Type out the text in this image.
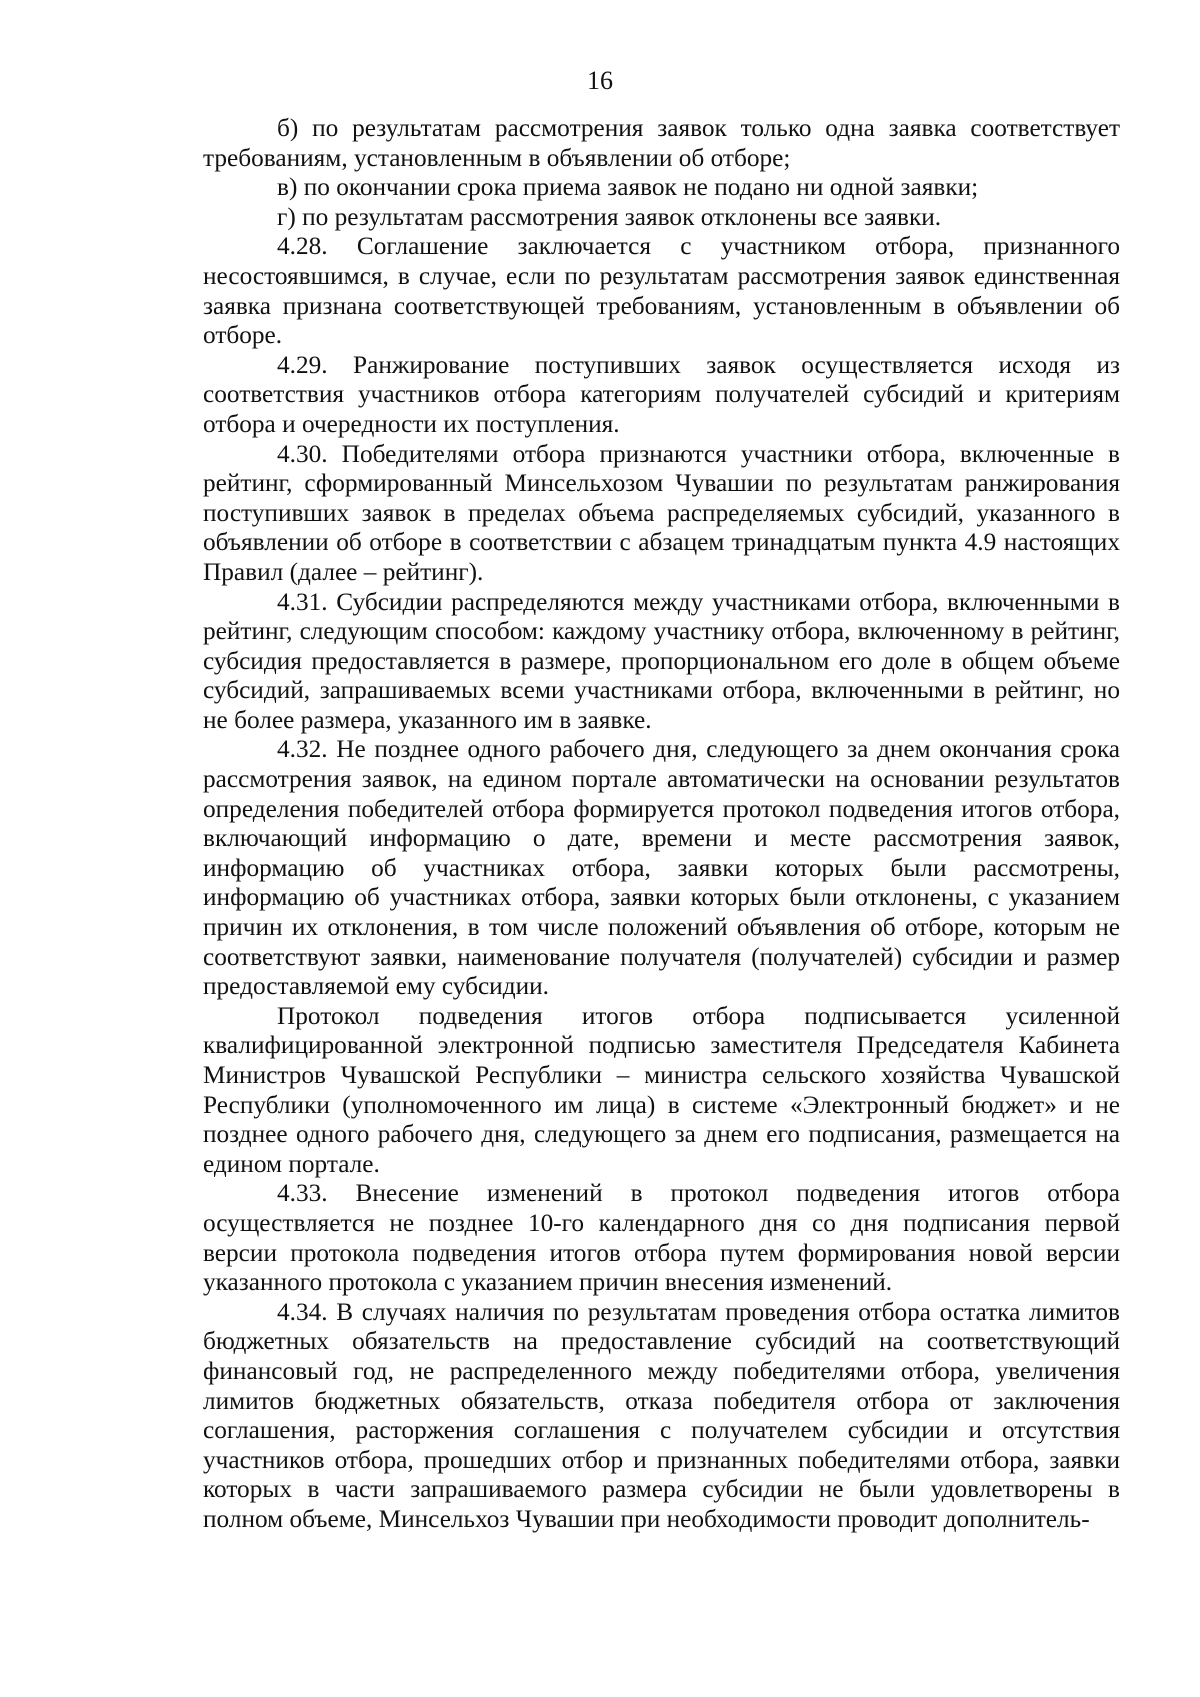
16

б) по результатам рассмотрения заявок только одна заявка соответствует требованиям, установленным в объявлении об отборе;

в) по окончании срока приема заявок не подано ни одной заявки;

г) по результатам рассмотрения заявок отклонены все заявки.

4.28. Соглашение заключается с участником отбора, признанного несостоявшимся, в случае, если по результатам рассмотрения заявок единственная заявка признана соответствующей требованиям, установленным в объявлении об отборе.

4.29. Ранжирование поступивших заявок осуществляется исходя из соответствия участников отбора категориям получателей субсидий и критериям отбора и очередности их поступления.

4.30. Победителями отбора признаются участники отбора, включенные в рейтинг, сформированный Минсельхозом Чувашии по результатам ранжирования поступивших заявок в пределах объема распределяемых субсидий, указанного в объявлении об отборе в соответствии с абзацем тринадцатым пункта 4.9 настоящих Правил (далее – рейтинг).

4.31. Субсидии распределяются между участниками отбора, включенными в рейтинг, следующим способом: каждому участнику отбора, включенному в рейтинг, субсидия предоставляется в размере, пропорциональном его доле в общем объеме субсидий, запрашиваемых всеми участниками отбора, включенными в рейтинг, но не более размера, указанного им в заявке.

4.32. Не позднее одного рабочего дня, следующего за днем окончания срока рассмотрения заявок, на едином портале автоматически на основании результатов определения победителей отбора формируется протокол подведения итогов отбора, включающий информацию о дате, времени и месте рассмотрения заявок, информацию об участниках отбора, заявки которых были рассмотрены, информацию об участниках отбора, заявки которых были отклонены, с указанием причин их отклонения, в том числе положений объявления об отборе, которым не соответствуют заявки, наименование получателя (получателей) субсидии и размер предоставляемой ему субсидии.

Протокол подведения итогов отбора подписывается усиленной квалифицированной электронной подписью заместителя Председателя Кабинета Министров Чувашской Республики – министра сельского хозяйства Чувашской Республики (уполномоченного им лица) в системе «Электронный бюджет» и не позднее одного рабочего дня, следующего за днем его подписания, размещается на едином портале.

4.33. Внесение изменений в протокол подведения итогов отбора осуществляется не позднее 10-го календарного дня со дня подписания первой версии протокола подведения итогов отбора путем формирования новой версии указанного протокола с указанием причин внесения изменений.

4.34. В случаях наличия по результатам проведения отбора остатка лимитов бюджетных обязательств на предоставление субсидий на соответствующий финансовый год, не распределенного между победителями отбора, увеличения лимитов бюджетных обязательств, отказа победителя отбора от заключения соглашения, расторжения соглашения с получателем субсидии и отсутствия участников отбора, прошедших отбор и признанных победителями отбора, заявки которых в части запрашиваемого размера субсидии не были удовлетворены в полном объеме, Минсельхоз Чувашии при необходимости проводит дополнитель-
